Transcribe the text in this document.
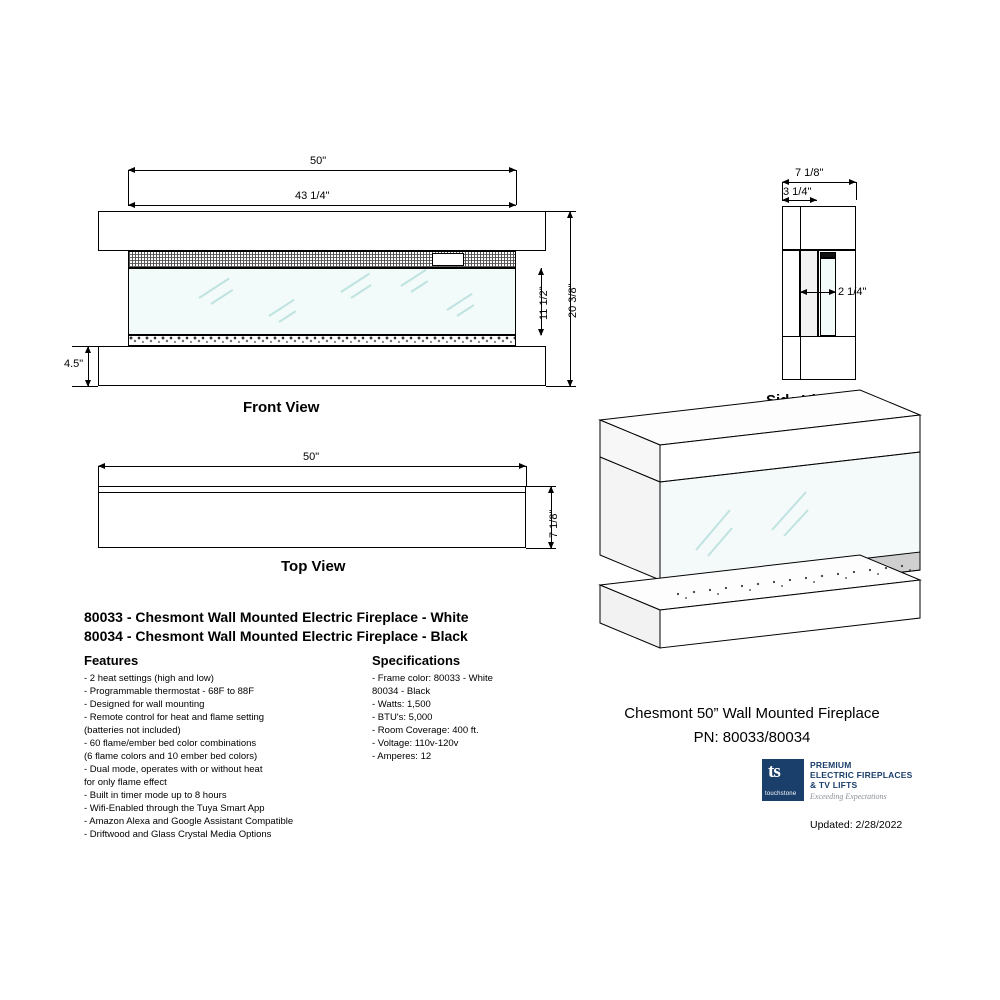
50"
43 1/4"
11 1/2" 20 3/8"
4.5"
Front View
50"
7 1/8"
Top View
7 1/8"
3 1/4"
2 1/4"
Chesmont 50” Wall Mounted Fireplace
PN: 80033/80034
80033 - Chesmont Wall Mounted Electric Fireplace - White
80034 - Chesmont Wall Mounted Electric Fireplace - Black
Features
- 2 heat settings (high and low)
- Programmable thermostat - 68F to 88F
- Designed for wall mounting
- Remote control for heat and flame setting
(batteries not included)
- 60 flame/ember bed color combinations
(6 flame colors and 10 ember bed colors)
- Dual mode, operates with or without heat
for only flame effect
- Built in timer mode up to 8 hours
- Wifi-Enabled through the Tuya Smart App
- Amazon Alexa and Google Assistant Compatible
- Driftwood and Glass Crystal Media Options
Specifications
- Frame color: 80033 - White
80034 - Black
- Watts: 1,500
- BTU's: 5,000
- Room Coverage: 400 ft.
- Voltage: 110v-120v
- Amperes: 12
ts
touchstone
PREMIUM
ELECTRIC FIREPLACES
& TV LIFTS
Exceeding Expectations
Updated: 2/28/2022
